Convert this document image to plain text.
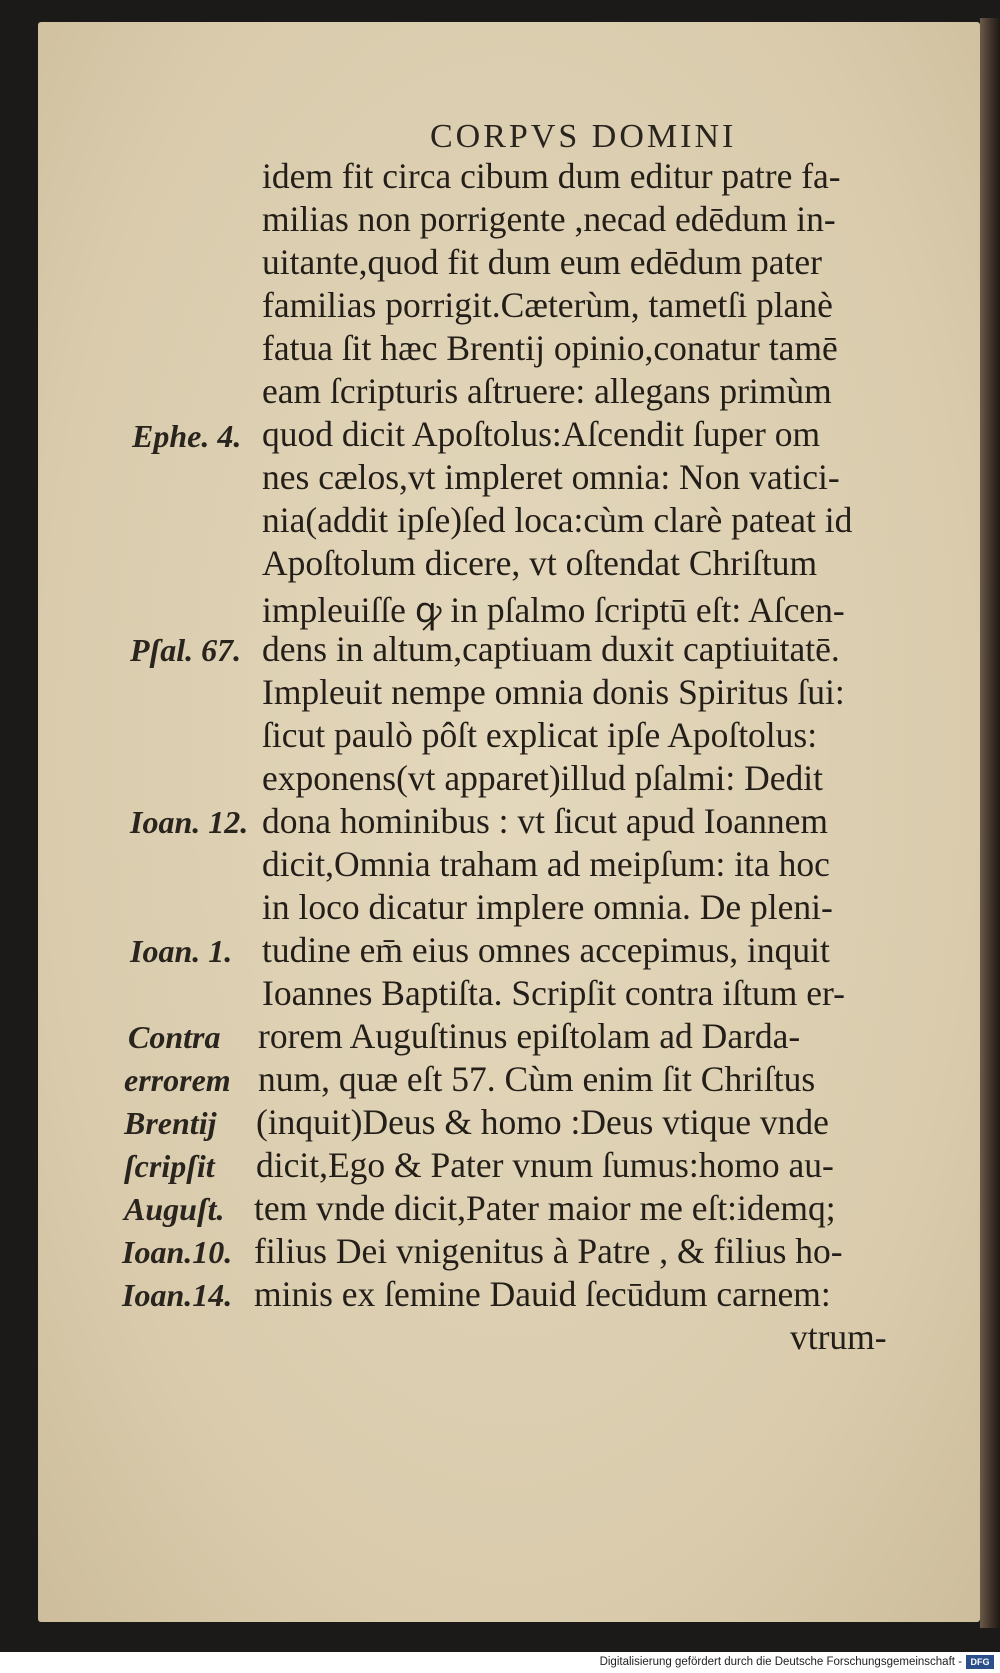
CORPVS DOMINI
idem fit circa cibum dum editur patre fa-
milias non porrigente ,necad edēdum in-
uitante,quod fit dum eum edēdum pater
familias porrigit.Cæterùm, tametſi planè
fatua ſit hæc Brentij opinio,conatur tamē
eam ſcripturis aſtruere: allegans primùm
quod dicit Apoſtolus:Aſcendit ſuper om
nes cælos,vt impleret omnia: Non vatici-
nia(addit ipſe)ſed loca:cùm clarè pateat id
Apoſtolum dicere, vt oſtendat Chriſtum
impleuiſſe ꝙ in pſalmo ſcriptū eſt: Aſcen-
dens in altum,captiuam duxit captiuitatē.
Impleuit nempe omnia donis Spiritus ſui:
ſicut paulò pôſt explicat ipſe Apoſtolus:
exponens(vt apparet)illud pſalmi: Dedit
dona hominibus : vt ſicut apud Ioannem
dicit,Omnia traham ad meipſum: ita hoc
in loco dicatur implere omnia. De pleni-
tudine em̄ eius omnes accepimus, inquit
Ioannes Baptiſta. Scripſit contra iſtum er-
rorem Auguſtinus epiſtolam ad Darda-
num, quæ eſt 57. Cùm enim ſit Chriſtus
(inquit)Deus & homo :Deus vtique vnde
dicit,Ego & Pater vnum ſumus:homo au-
tem vnde dicit,Pater maior me eſt:idemq;
filius Dei vnigenitus à Patre , & filius ho-
minis ex ſemine Dauid ſecūdum carnem:
vtrum-
Ephe. 4.
Pſal. 67.
Ioan. 12.
Ioan. 1.
Contra
errorem
Brentij
ſcripſit
Auguſt.
Ioan.10.
Ioan.14.
Digitalisierung gefördert durch die Deutsche Forschungsgemeinschaft - DFG
